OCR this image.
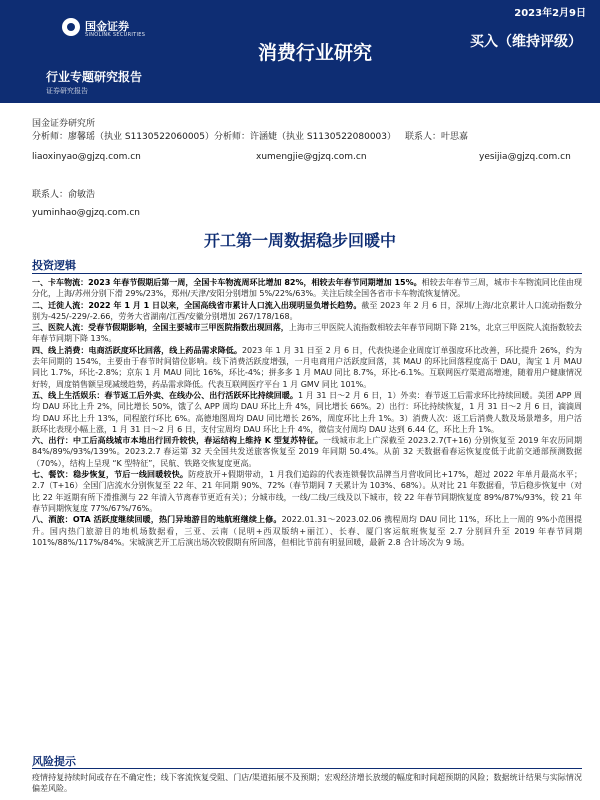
国金证券
SINOLINK SECURITIES
2023年2月9日
消费行业研究	买入（维持评级）
行业专题研究报告
证券研究报告
国金证券研究所
分析师：廖馨瑶（执业 S1130522060005） 分析师：许涵婕（执业 S1130522080003） 联系人：叶思嘉
liaoxinyao@gjzq.com.cn	xumengjie@gjzq.com.cn	yesijia@gjzq.com.cn
联系人：俞敏浩
yuminhao@gjzq.com.cn
开工第一周数据稳步回暖中
投资逻辑

一、卡车物流：2023 年春节假期后第一周，全国卡车物流周环比增加 82%，相较去年春节同期增加 15%。相较去年春节三周，城市卡车物流同比佳由现分化，上海/苏州分别下滑 29%/23%，郑州/天津/安阳分别增加 5%/22%/63%。关注后续全国各省市卡车物流恢复情况。

二、迁徙人流：2022 年 1 月 1 日以来，全国高线省市累计人口流入出现明显负增长趋势。截至 2023 年 2 月 6 日，深圳/上海/北京累计人口流动指数分别为-425/-229/-2.66，劳务大省湖南/江西/安徽分别增加 267/178/168。

三、医院人流：受春节假期影响，全国主要城市三甲医院指数出现回落，上海市三甲医院人流指数相较去年春节同期下降 21%，北京三甲医院人流指数较去年春节同期下降 13%。

四、线上消费：电商活跃度环比回落，线上药品需求降低。2023 年 1 月 31 日至 2 月 6 日，代表快递企业周度订单强度环比改善，环比提升 26%，约为去年同期的 154%，主要由于春节时间错位影响。线下消费活跃度增强，一月电商用户活跃度回落，其 MAU 的环比回落程度高于 DAU，淘宝 1 月 MAU 同比 1.7%，环比-2.8%；京东 1 月 MAU 同比 16%，环比-4%；拼多多 1 月 MAU 同比 8.7%，环比-6.1%。互联网医疗渠道高增速，随着用户健康情况好转，周度销售额呈现减缓趋势，药品需求降低。代表互联网医疗平台 1 月 GMV 同比 101%。

五、线上生活娱乐：春节返工后外卖、在线办公、出行活跃环比持续回暖。1 月 31 日～2 月 6 日，1）外卖：春节返工后需求环比持续回暖。美团 APP 周均 DAU 环比上升 2%，同比增长 50%，饿了么 APP 周均 DAU 环比上升 4%，同比增长 66%。2）出行：环比持续恢复，1 月 31 日～2 月 6 日，滴滴周均 DAU 环比上升 13%，同程旅行环比 6%。高德地图周均 DAU 同比增长 26%，周度环比上升 1%。3）消费人次：返工后消费人数及场景增多，用户活跃环比表现小幅上涨，1 月 31 日～2 月 6 日，支付宝周均 DAU 环比上升 4%，微信支付周均 DAU 达到 6.44 亿，环比上升 1%。

六、出行：中工后高线城市本地出行回升较快，春运结构上维持 K 型复苏特征。一线城市北上广深截至 2023.2.7(T+16) 分别恢复至 2019 年农历同期 84%/89%/93%/139%。2023.2.7 春运第 32 天全国共发送旅客恢复至 2019 年同期 50.4%。从前 32 天数据看春运恢复度低于此前交通部预测数据（70%），结构上呈现 “K 型特征”，民航、铁路交恢复度更高。

七、餐饮：稳步恢复，节后一线回暖较快。防疫放开+假期带动，1 月我们追踪的代表连锁餐饮品牌当月营收同比+17%，超过 2022 年单月最高水平； 2.7（T+16）全国门店流水分别恢复至 22 年、21 年同期 90%、72%（春节期间 7 天累计为 103%、68%）。从对比 21 年数据看，节后稳步恢复中（对比 22 年返期有所下滑推测与 22 年清入节离春节更近有关）；分城市线，一线/二线/三线及以下城市，较 22 年春节同期恢复度 89%/87%/93%，较 21 年春节同期恢复度 77%/67%/76%。

八、酒旅：OTA 活跃度继续回暖，热门异地游目的地航班继续上修。2022.01.31～2023.02.06 携程周均 DAU 同比 11%，环比上一周的 9%小范围提升。国内热门旅游目的地机场数据看，三亚、云南（昆明+西双版纳+丽江）、长春、厦门客运航班恢复至 2.7 分别回升至 2019 年春节同期 101%/88%/117%/84%。宋城演艺开工后演出场次较假期有所回落，但相比节前有明显回暖，最新 2.8 合计场次为 9 场。

风险提示
疫情持复持续时间或存在不确定性；线下客流恢复受阻、门店/渠道拓展不及预期；宏观经济增长放缓的幅度和时间超预期的风险；数据统计结果与实际情况偏差风险。
